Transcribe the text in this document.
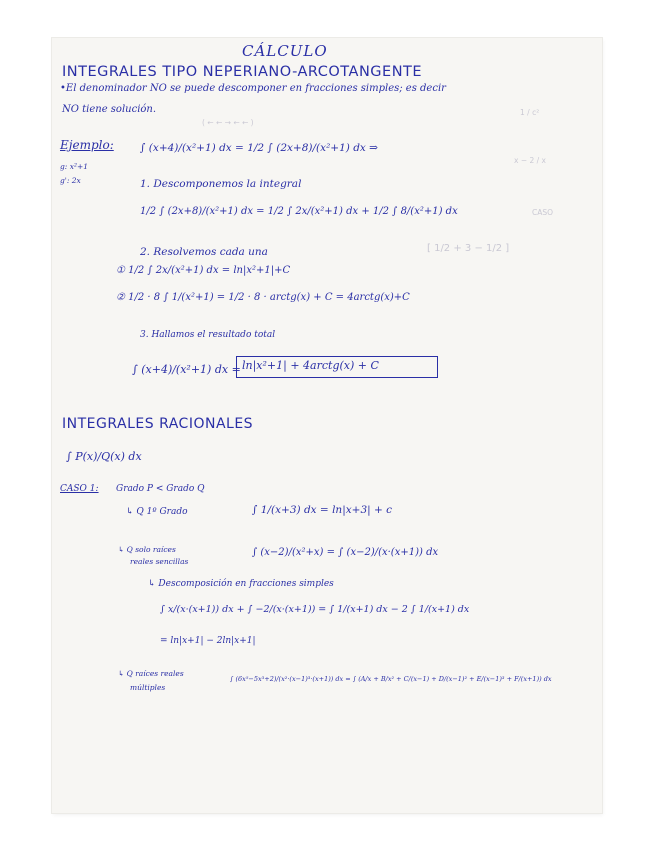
CÁLCULO
INTEGRALES TIPO NEPERIANO-ARCOTANGENTE
•El denominador NO se puede descomponer en fracciones simples; es decir
NO tiene solución.
( ← ← → ← ← )
1 / c²
x − 2 / x
CASO
[ 1/2 + 3 − 1/2 ]
Ejemplo:
g: x²+1
g': 2x
∫ (x+4)/(x²+1) dx = 1/2 ∫ (2x+8)/(x²+1) dx ⇒
1. Descomponemos la integral
1/2 ∫ (2x+8)/(x²+1) dx = 1/2 ∫ 2x/(x²+1) dx + 1/2 ∫ 8/(x²+1) dx
2. Resolvemos cada una
① 1/2 ∫ 2x/(x²+1) dx = ln|x²+1|+C
② 1/2 · 8 ∫ 1/(x²+1) = 1/2 · 8 · arctg(x) + C = 4arctg(x)+C
3. Hallamos el resultado total
∫ (x+4)/(x²+1) dx = ln|x²+1| + 4arctg(x) + C
INTEGRALES RACIONALES
∫ P(x)/Q(x) dx
CASO 1: Grado P < Grado Q
↳ Q 1º Grado	∫ 1/(x+3) dx = ln|x+3| + c
↳ Q solo raíces
reales sencillas
∫ (x−2)/(x²+x) = ∫ (x−2)/(x·(x+1)) dx
↳ Descomposición en fracciones simples
∫ x/(x·(x+1)) dx + ∫ −2/(x·(x+1)) = ∫ 1/(x+1) dx − 2 ∫ 1/(x+1) dx
= ln|x+1| − 2ln|x+1|
↳ Q raíces reales
múltiples
∫ (6x⁵−5x³+2)/(x²·(x−1)³·(x+1)) dx = ∫ (A/x + B/x² + C/(x−1) + D/(x−1)² + E/(x−1)³ + F/(x+1)) dx
